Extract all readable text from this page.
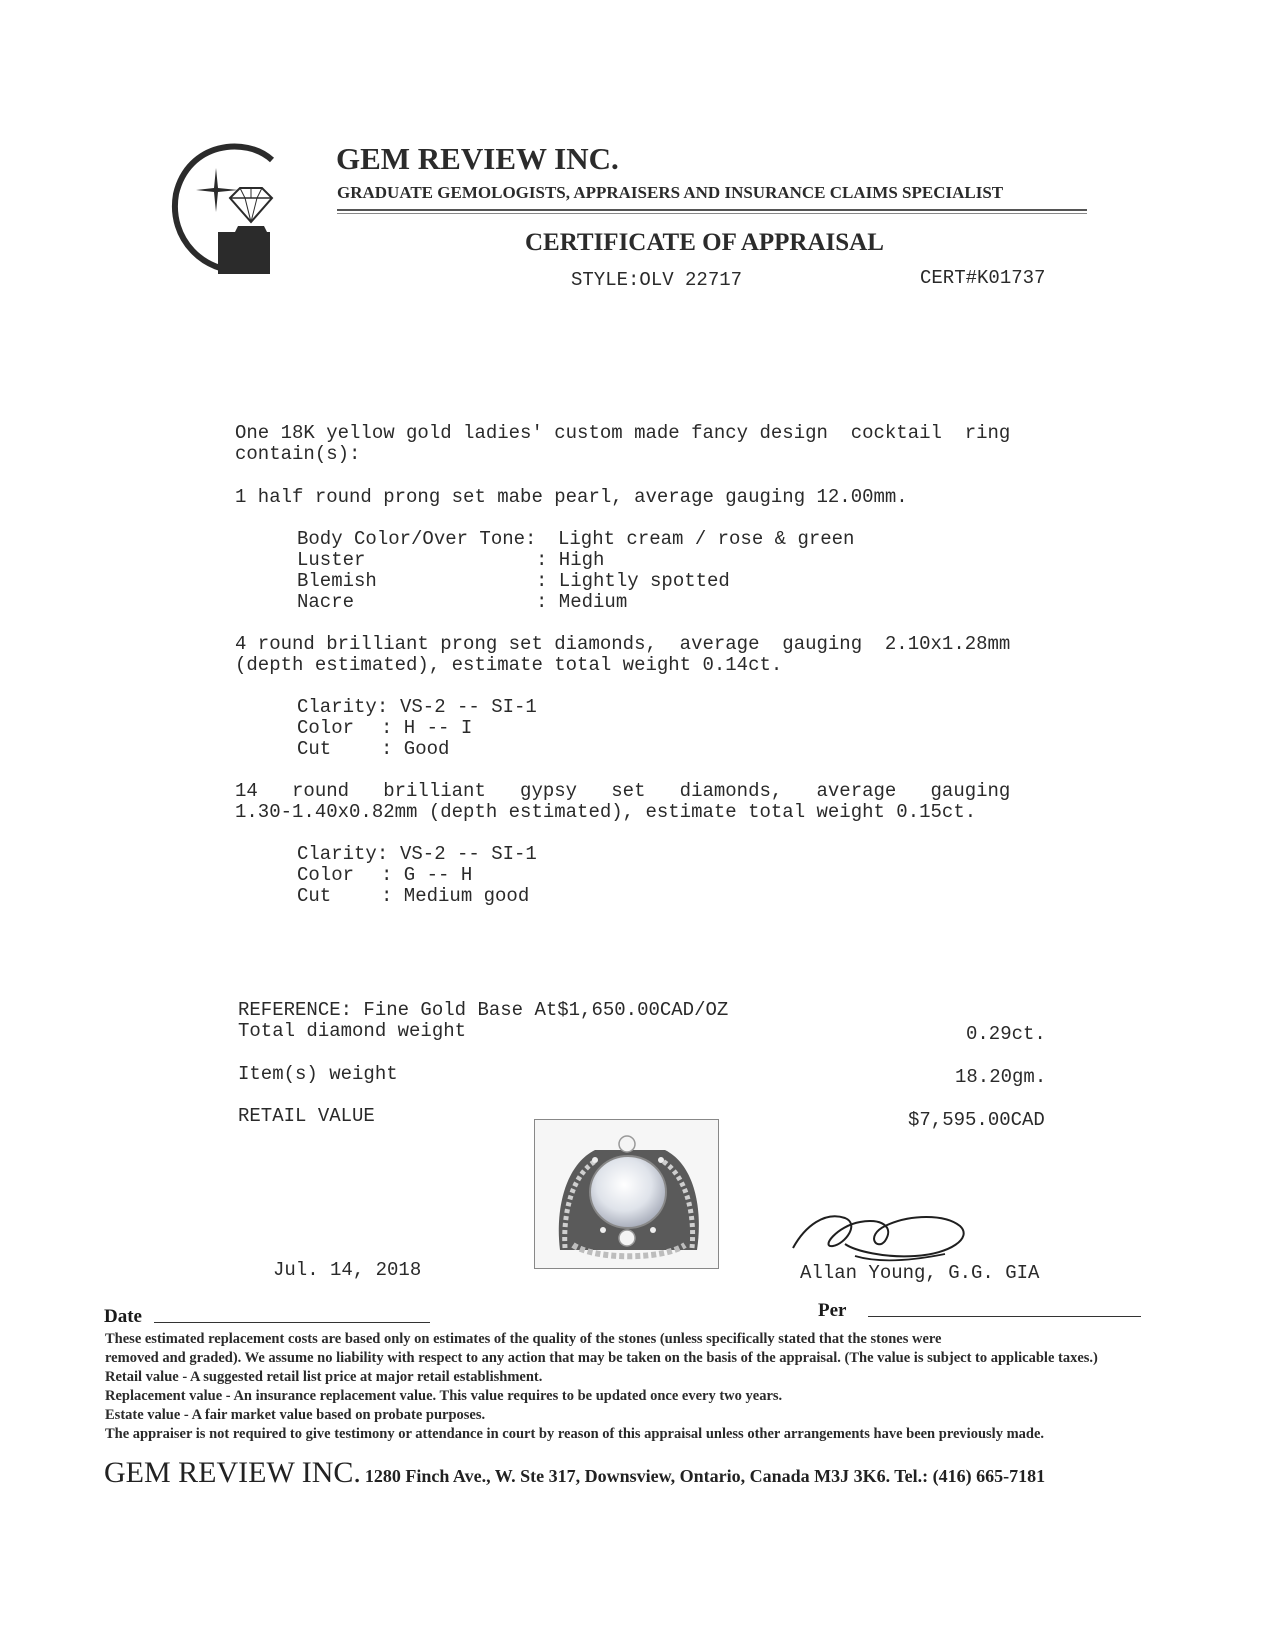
GEM REVIEW INC.
GRADUATE GEMOLOGISTS, APPRAISERS AND INSURANCE CLAIMS SPECIALIST
CERTIFICATE OF APPRAISAL
STYLE:OLV 22717	CERT#K01737
One 18K yellow gold ladies' custom made fancy design  cocktail  ring
contain(s):
1 half round prong set mabe pearl, average gauging 12.00mm.
Body Color/Over Tone: Light cream / rose & green
Luster	: High
Blemish	: Lightly spotted
Nacre	: Medium
4 round brilliant prong set diamonds,  average  gauging  2.10x1.28mm
(depth estimated), estimate total weight 0.14ct.
Clarity: VS-2 -- SI-1
Color : H -- I
Cut	: Good
14   round   brilliant   gypsy   set   diamonds,   average   gauging
1.30-1.40x0.82mm (depth estimated), estimate total weight 0.15ct.
Clarity: VS-2 -- SI-1
Color : G -- H
Cut	: Medium good
REFERENCE: Fine Gold Base At$1,650.00CAD/OZ
Total diamond weight	0.29ct.
Item(s) weight	18.20gm.
RETAIL VALUE	$7,595.00CAD
Jul. 14, 2018	Allan Young, G.G. GIA
Date	Per
These estimated replacement costs are based only on estimates of the quality of the stones (unless specifically stated that the stones were
removed and graded). We assume no liability with respect to any action that may be taken on the basis of the appraisal. (The value is subject to applicable taxes.)
Retail value - A suggested retail list price at major retail establishment.
Replacement value - An insurance replacement value. This value requires to be updated once every two years.
Estate value - A fair market value based on probate purposes.
The appraiser is not required to give testimony or attendance in court by reason of this appraisal unless other arrangements have been previously made.
GEM REVIEW INC. 1280 Finch Ave., W. Ste 317, Downsview, Ontario, Canada M3J 3K6. Tel.: (416) 665-7181
